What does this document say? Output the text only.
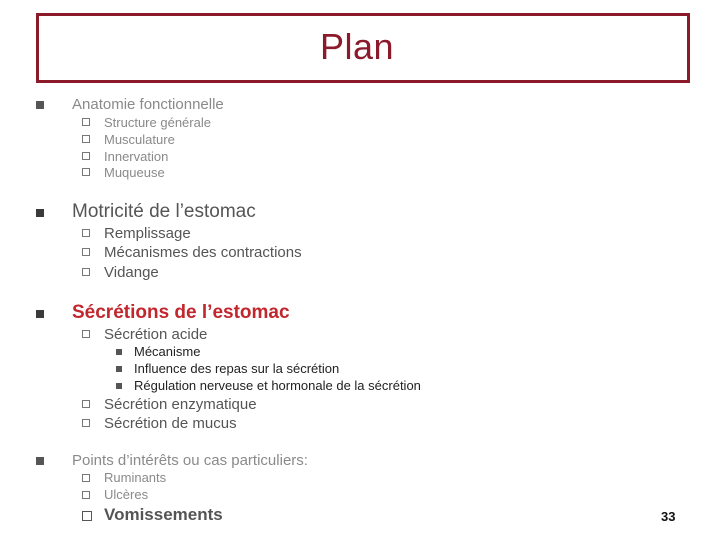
Plan
Anatomie fonctionnelle
Structure générale
Musculature
Innervation
Muqueuse
Motricité de l’estomac
Remplissage
Mécanismes des contractions
Vidange
Sécrétions de l’estomac
Sécrétion acide
Mécanisme
Influence des repas sur la sécrétion
Régulation nerveuse et hormonale de la sécrétion
Sécrétion enzymatique
Sécrétion de mucus
Points d’intérêts ou cas particuliers:
Ruminants
Ulcères
Vomissements	33
